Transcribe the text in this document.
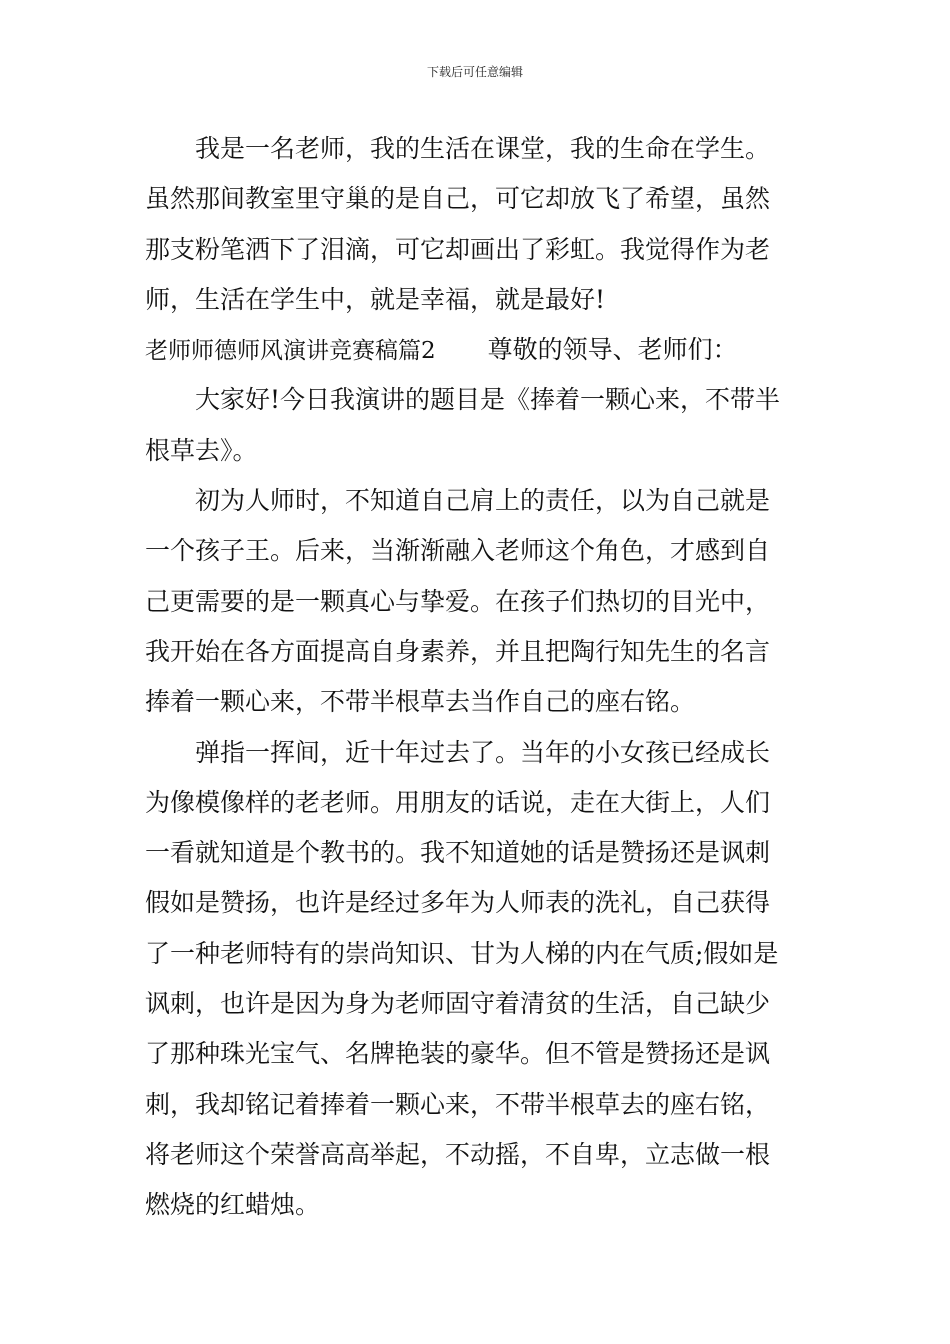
下载后可任意编辑
　　我是一名老师，我的生活在课堂，我的生命在学生。
虽然那间教室里守巢的是自己，可它却放飞了希望，虽然
那支粉笔洒下了泪滴，可它却画出了彩虹。我觉得作为老
师，生活在学生中，就是幸福，就是最好!
老师师德师风演讲竞赛稿篇2 尊敬的领导、老师们：
　　大家好!今日我演讲的题目是《捧着一颗心来，不带半
根草去》。
　　初为人师时，不知道自己肩上的责任，以为自己就是
一个孩子王。后来，当渐渐融入老师这个角色，才感到自
己更需要的是一颗真心与挚爱。在孩子们热切的目光中，
我开始在各方面提高自身素养，并且把陶行知先生的名言
捧着一颗心来，不带半根草去当作自己的座右铭。
　　弹指一挥间，近十年过去了。当年的小女孩已经成长
为像模像样的老老师。用朋友的话说，走在大街上，人们
一看就知道是个教书的。我不知道她的话是赞扬还是讽刺
假如是赞扬，也许是经过多年为人师表的洗礼，自己获得
了一种老师特有的崇尚知识、甘为人梯的内在气质;假如是
讽刺，也许是因为身为老师固守着清贫的生活，自己缺少
了那种珠光宝气、名牌艳装的豪华。但不管是赞扬还是讽
刺，我却铭记着捧着一颗心来，不带半根草去的座右铭，
将老师这个荣誉高高举起，不动摇，不自卑，立志做一根
燃烧的红蜡烛。
